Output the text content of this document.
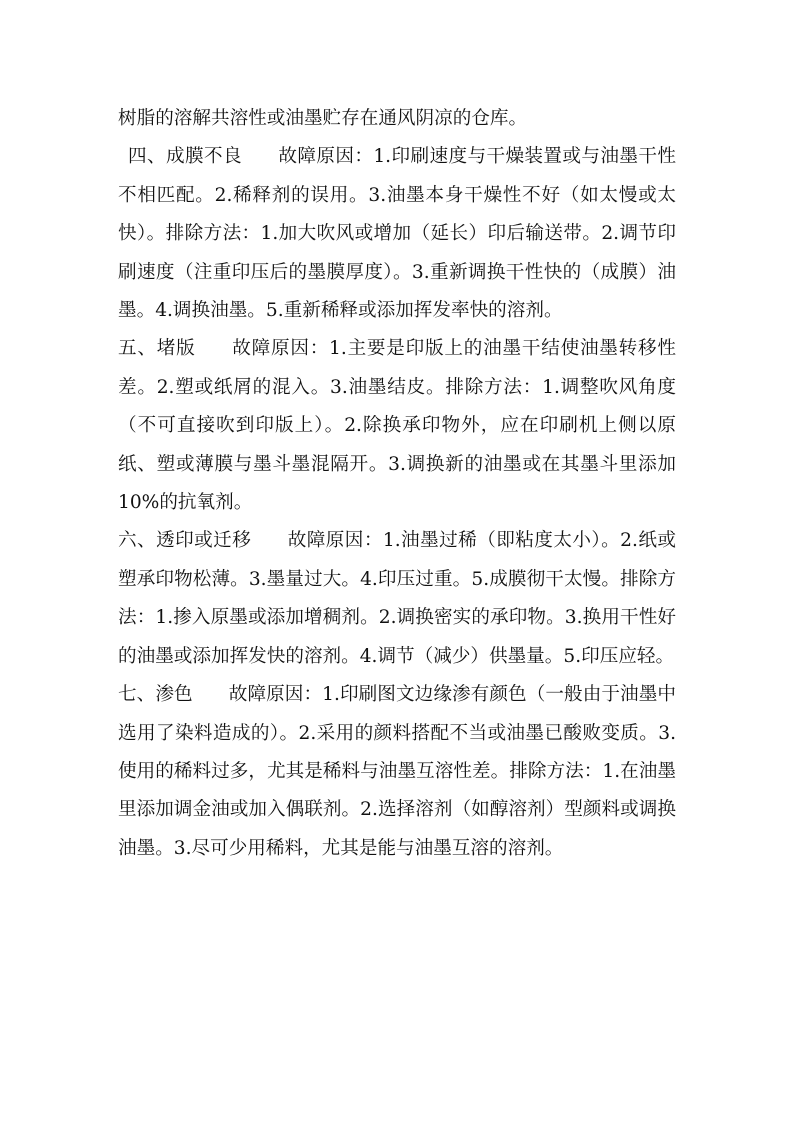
树脂的溶解共溶性或油墨贮存在通风阴凉的仓库。

四、成膜不良 故障原因：1.印刷速度与干燥装置或与油墨干性不相匹配。2.稀释剂的误用。3.油墨本身干燥性不好（如太慢或太快）。排除方法：1.加大吹风或增加（延长）印后输送带。2.调节印刷速度（注重印压后的墨膜厚度）。3.重新调换干性快的（成膜）油墨。4.调换油墨。5.重新稀释或添加挥发率快的溶剂。

五、堵版 故障原因：1.主要是印版上的油墨干结使油墨转移性差。2.塑或纸屑的混入。3.油墨结皮。排除方法：1.调整吹风角度（不可直接吹到印版上）。2.除换承印物外，应在印刷机上侧以原纸、塑或薄膜与墨斗墨混隔开。3.调换新的油墨或在其墨斗里添加10%的抗氧剂。

六、透印或迁移 故障原因：1.油墨过稀（即粘度太小）。2.纸或塑承印物松薄。3.墨量过大。4.印压过重。5.成膜彻干太慢。排除方法：1.掺入原墨或添加增稠剂。2.调换密实的承印物。3.换用干性好的油墨或添加挥发快的溶剂。4.调节（减少）供墨量。5.印压应轻。

七、渗色 故障原因：1.印刷图文边缘渗有颜色（一般由于油墨中选用了染料造成的）。2.采用的颜料搭配不当或油墨已酸败变质。3.使用的稀料过多，尤其是稀料与油墨互溶性差。排除方法：1.在油墨里添加调金油或加入偶联剂。2.选择溶剂（如醇溶剂）型颜料或调换油墨。3.尽可少用稀料，尤其是能与油墨互溶的溶剂。
